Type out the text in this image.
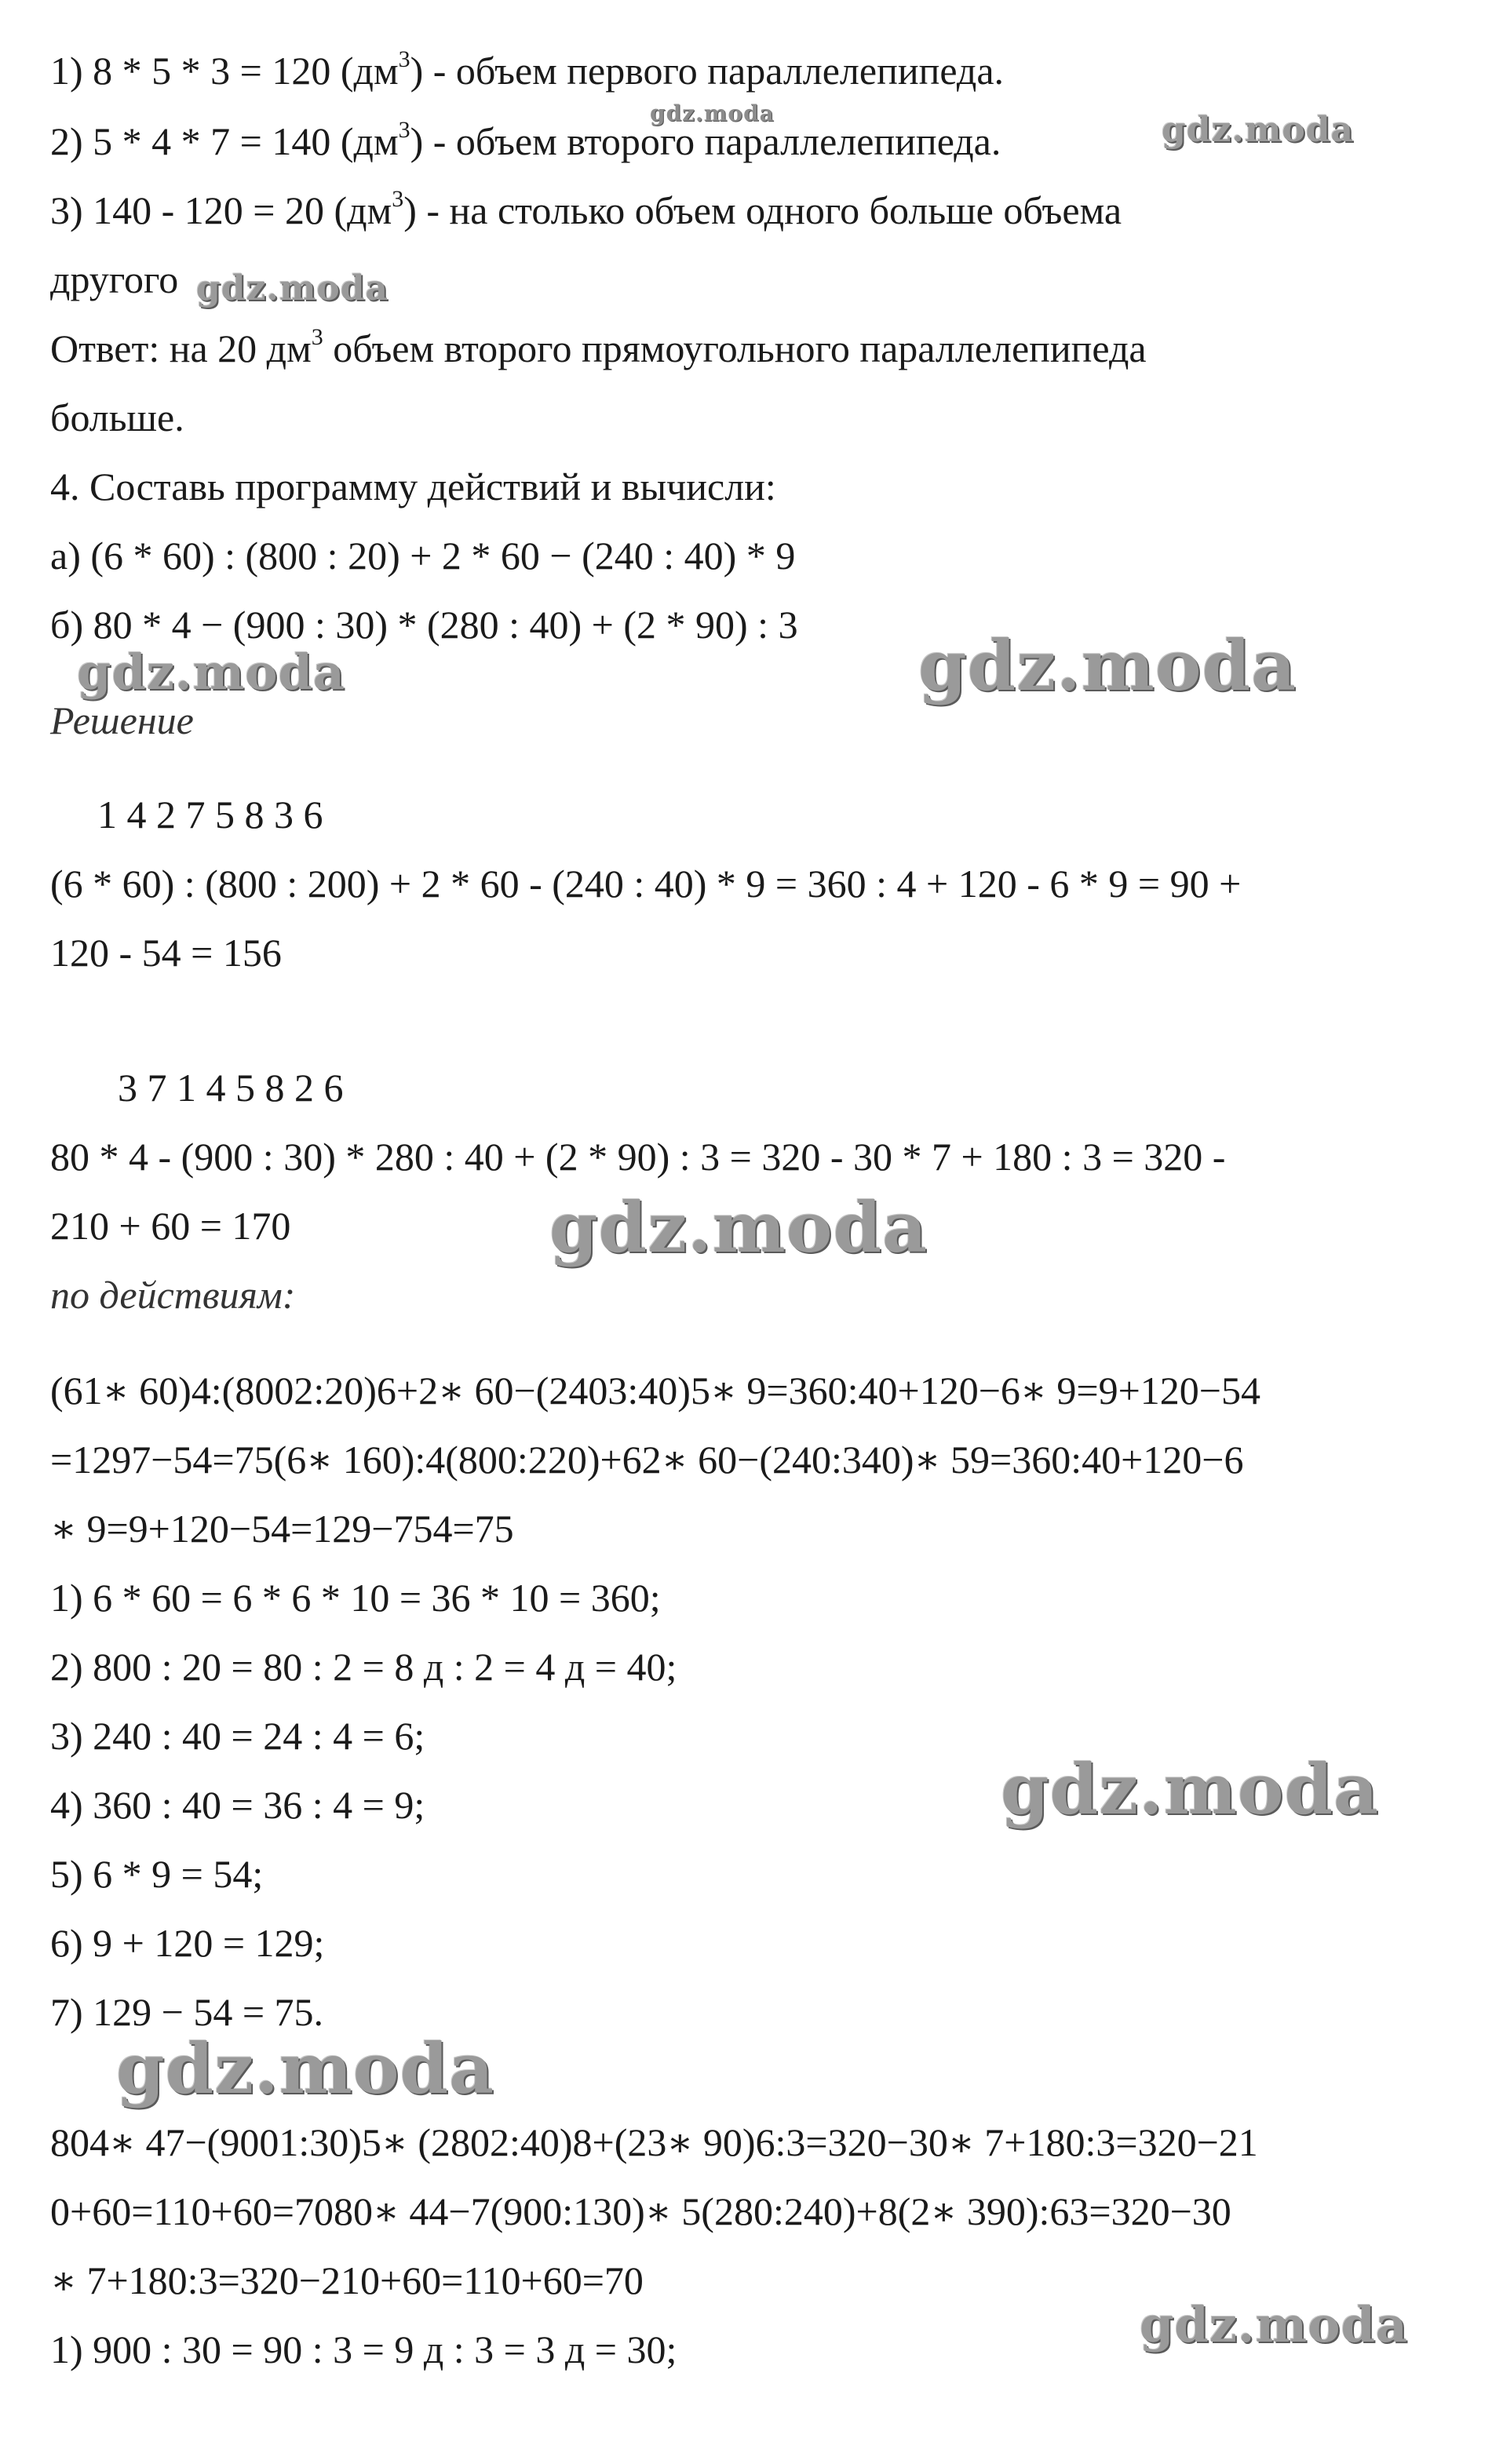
1) 8 * 5 * 3 = 120 $(дм^3)$ - объем первого параллелепипеда.
2) 5 * 4 * 7 = 140 $(дм^3)$ - объем второго параллелепипеда.
3) 140 - 120 = 20 $(дм^3)$ - на столько объем одного больше объема
другого
Ответ: на 20 $дм^3$ объем второго прямоугольного параллелепипеда
больше.
4. Составь программу действий и вычисли:
а) (6 * 60) : (800 : 20) + 2 * 60 − (240 : 40) * 9
б) 80 * 4 − (900 : 30) * (280 : 40) + (2 * 90) : 3
Решение
1 4 2 7 5 8 3 6
(6 * 60) : (800 : 200) + 2 * 60 - (240 : 40) * 9 = 360 : 4 + 120 - 6 * 9 = 90 +
120 - 54 = 156
3 7 1 4 5 8 2 6
80 * 4 - (900 : 30) * 280 : 40 + (2 * 90) : 3 = 320 - 30 * 7 + 180 : 3 = 320 -
210 + 60 = 170
по действиям:
(61∗ 60)4:(8002:20)6+2∗ 60−(2403:40)5∗ 9=360:40+120−6∗ 9=9+120−54
=1297−54=75(6∗ 160):4(800:220)+62∗ 60−(240:340)∗ 59=360:40+120−6
∗ 9=9+120−54=129−754=75
1) 6 * 60 = 6 * 6 * 10 = 36 * 10 = 360;
2) 800 : 20 = 80 : 2 = 8 д : 2 = 4 д = 40;
3) 240 : 40 = 24 : 4 = 6;
4) 360 : 40 = 36 : 4 = 9;
5) 6 * 9 = 54;
6) 9 + 120 = 129;
7) 129 − 54 = 75.
804∗ 47−(9001:30)5∗ (2802:40)8+(23∗ 90)6:3=320−30∗ 7+180:3=320−21
0+60=110+60=7080∗ 44−7(900:130)∗ 5(280:240)+8(2∗ 390):63=320−30
∗ 7+180:3=320−210+60=110+60=70
1) 900 : 30 = 90 : 3 = 9 д : 3 = 3 д = 30;
gdz.moda	gdz.moda
gdz.moda
gdz.moda	gdz.moda
gdz.moda
gdz.moda
gdz.moda
gdz.moda
